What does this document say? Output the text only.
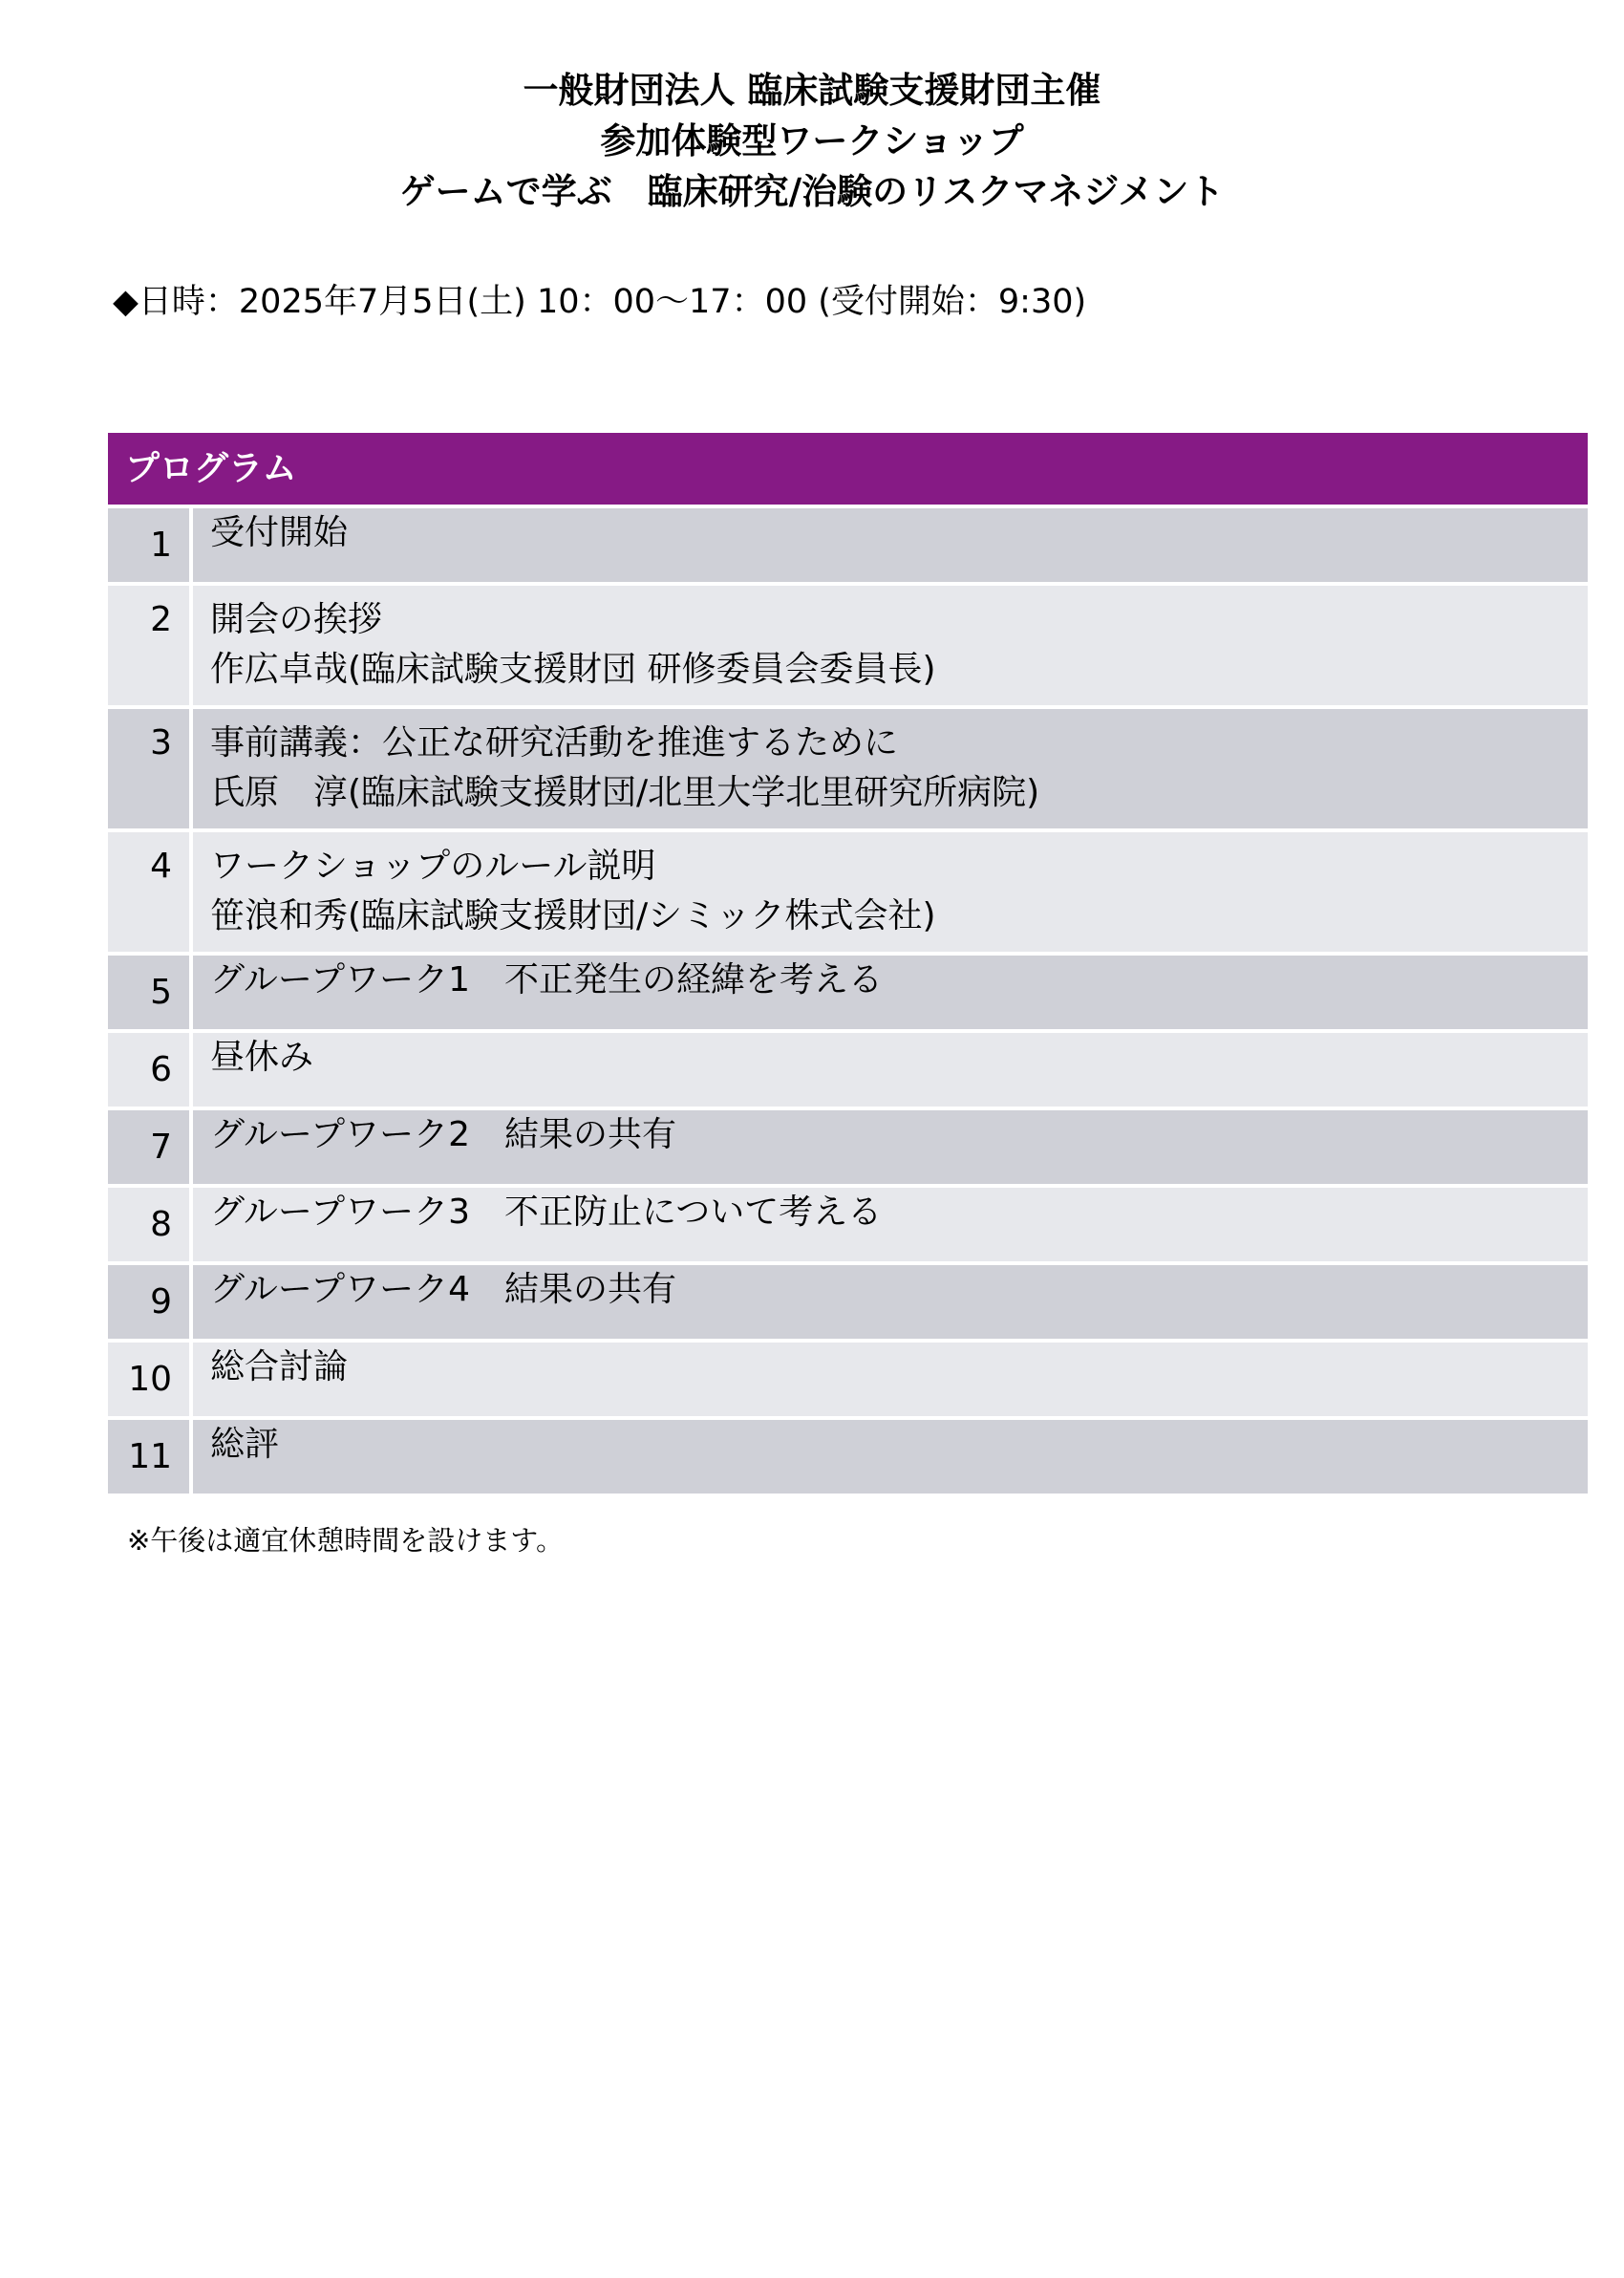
一般財団法人 臨床試験支援財団主催
参加体験型ワークショップ
ゲームで学ぶ　臨床研究/治験のリスクマネジメント
◆日時：2025年7月5日(土) 10：00～17：00 (受付開始：9:30)
プログラム
1	受付開始
2	開会の挨拶
作広卓哉(臨床試験支援財団 研修委員会委員長)
3	事前講義：公正な研究活動を推進するために
氏原　淳(臨床試験支援財団/北里大学北里研究所病院)
4	ワークショップのルール説明
笹浪和秀(臨床試験支援財団/シミック株式会社)
5	グループワーク1　不正発生の経緯を考える
6	昼休み
7	グループワーク2　結果の共有
8	グループワーク3　不正防止について考える
9	グループワーク4　結果の共有
10	総合討論
11	総評
※午後は適宜休憩時間を設けます。
